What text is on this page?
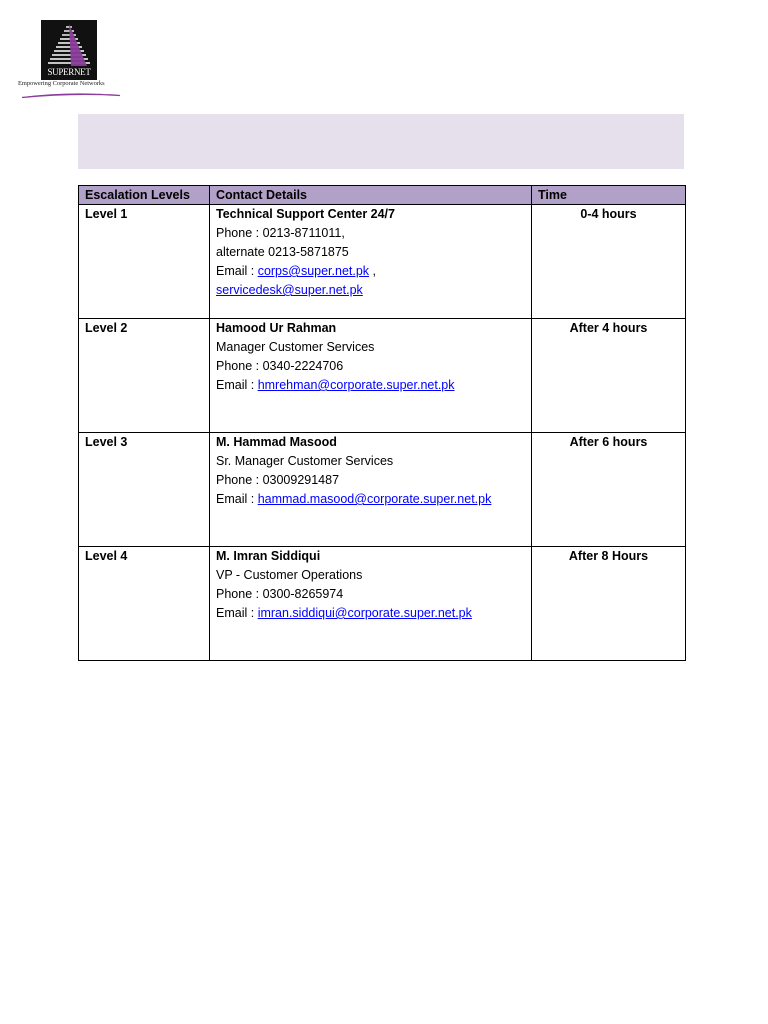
SUPERNET
Empowering Corporate Networks
Escalation Levels	Contact Details	Time
Level 1	Technical Support Center 24/7
Phone : 0213-8711011,
alternate 0213-5871875
Email : corps@super.net.pk ,
servicedesk@super.net.pk	0-4 hours
Level 2	Hamood Ur Rahman
Manager Customer Services
Phone : 0340-2224706
Email : hmrehman@corporate.super.net.pk	After 4 hours
Level 3	M. Hammad Masood
Sr. Manager Customer Services
Phone : 03009291487
Email : hammad.masood@corporate.super.net.pk	After 6 hours
Level 4	M. Imran Siddiqui
VP - Customer Operations
Phone : 0300-8265974
Email : imran.siddiqui@corporate.super.net.pk	After 8 Hours
